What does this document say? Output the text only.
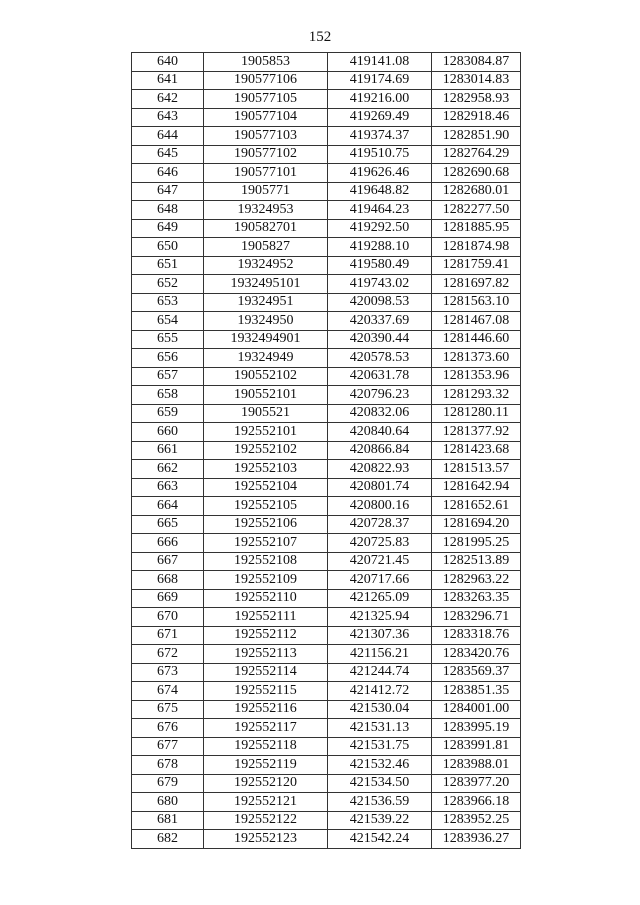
152
640	1905853	419141.08	1283084.87
641	190577106	419174.69	1283014.83
642	190577105	419216.00	1282958.93
643	190577104	419269.49	1282918.46
644	190577103	419374.37	1282851.90
645	190577102	419510.75	1282764.29
646	190577101	419626.46	1282690.68
647	1905771	419648.82	1282680.01
648	19324953	419464.23	1282277.50
649	190582701	419292.50	1281885.95
650	1905827	419288.10	1281874.98
651	19324952	419580.49	1281759.41
652	1932495101	419743.02	1281697.82
653	19324951	420098.53	1281563.10
654	19324950	420337.69	1281467.08
655	1932494901	420390.44	1281446.60
656	19324949	420578.53	1281373.60
657	190552102	420631.78	1281353.96
658	190552101	420796.23	1281293.32
659	1905521	420832.06	1281280.11
660	192552101	420840.64	1281377.92
661	192552102	420866.84	1281423.68
662	192552103	420822.93	1281513.57
663	192552104	420801.74	1281642.94
664	192552105	420800.16	1281652.61
665	192552106	420728.37	1281694.20
666	192552107	420725.83	1281995.25
667	192552108	420721.45	1282513.89
668	192552109	420717.66	1282963.22
669	192552110	421265.09	1283263.35
670	192552111	421325.94	1283296.71
671	192552112	421307.36	1283318.76
672	192552113	421156.21	1283420.76
673	192552114	421244.74	1283569.37
674	192552115	421412.72	1283851.35
675	192552116	421530.04	1284001.00
676	192552117	421531.13	1283995.19
677	192552118	421531.75	1283991.81
678	192552119	421532.46	1283988.01
679	192552120	421534.50	1283977.20
680	192552121	421536.59	1283966.18
681	192552122	421539.22	1283952.25
682	192552123	421542.24	1283936.27
